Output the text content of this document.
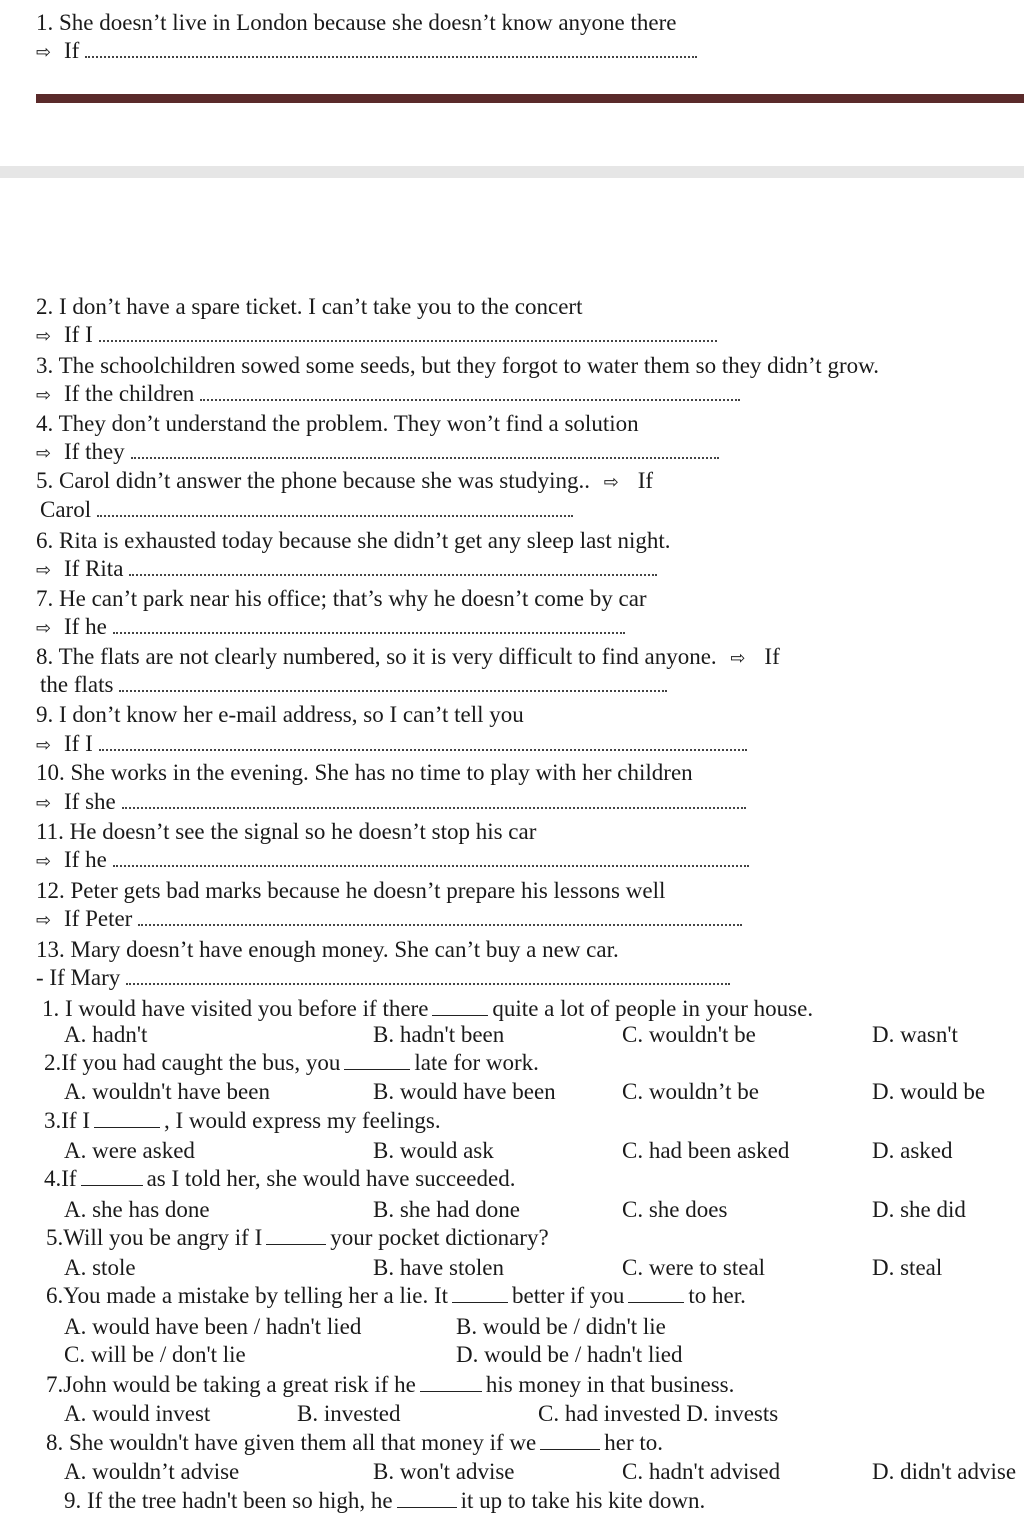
1. She doesn’t live in London because she doesn’t know anyone there
⇨ If
2. I don’t have a spare ticket. I can’t take you to the concert
⇨ If I
3. The schoolchildren sowed some seeds, but they forgot to water them so they didn’t grow.
⇨ If the children
4. They don’t understand the problem. They won’t find a solution
⇨ If they
5. Carol didn’t answer the phone because she was studying.. ⇨ If
Carol
6. Rita is exhausted today because she didn’t get any sleep last night.
⇨ If Rita
7. He can’t park near his office; that’s why he doesn’t come by car
⇨ If he
8. The flats are not clearly numbered, so it is very difficult to find anyone. ⇨ If
the flats
9. I don’t know her e-mail address, so I can’t tell you
⇨ If I
10. She works in the evening. She has no time to play with her children
⇨ If she
11. He doesn’t see the signal so he doesn’t stop his car
⇨ If he
12. Peter gets bad marks because he doesn’t prepare his lessons well
⇨ If Peter
13. Mary doesn’t have enough money. She can’t buy a new car.
- If Mary
1. I would have visited you before if there	quite a lot of people in your house.
A. hadn't	B. hadn't been	C. wouldn't be	D. wasn't
2.If you had caught the bus, you	late for work.
A. wouldn't have been	B. would have been	C. wouldn’t be	D. would be
3.If I	, I would express my feelings.
A. were asked	B. would ask	C. had been asked	D. asked
4.If	as I told her, she would have succeeded.
A. she has done	B. she had done	C. she does	D. she did
5.Will you be angry if I	your pocket dictionary?
A. stole	B. have stolen	C. were to steal	D. steal
6.You made a mistake by telling her a lie. It	better if you	to her.
A. would have been / hadn't lied	B. would be / didn't lie
C. will be / don't lie	D. would be / hadn't lied
7.John would be taking a great risk if he	his money in that business.
A. would invest	B. invested	C. had invested D. invests
8. She wouldn't have given them all that money if we	her to.
A. wouldn’t advise	B. won't advise	C. hadn't advised	D. didn't advise
9. If the tree hadn't been so high, he	it up to take his kite down.
